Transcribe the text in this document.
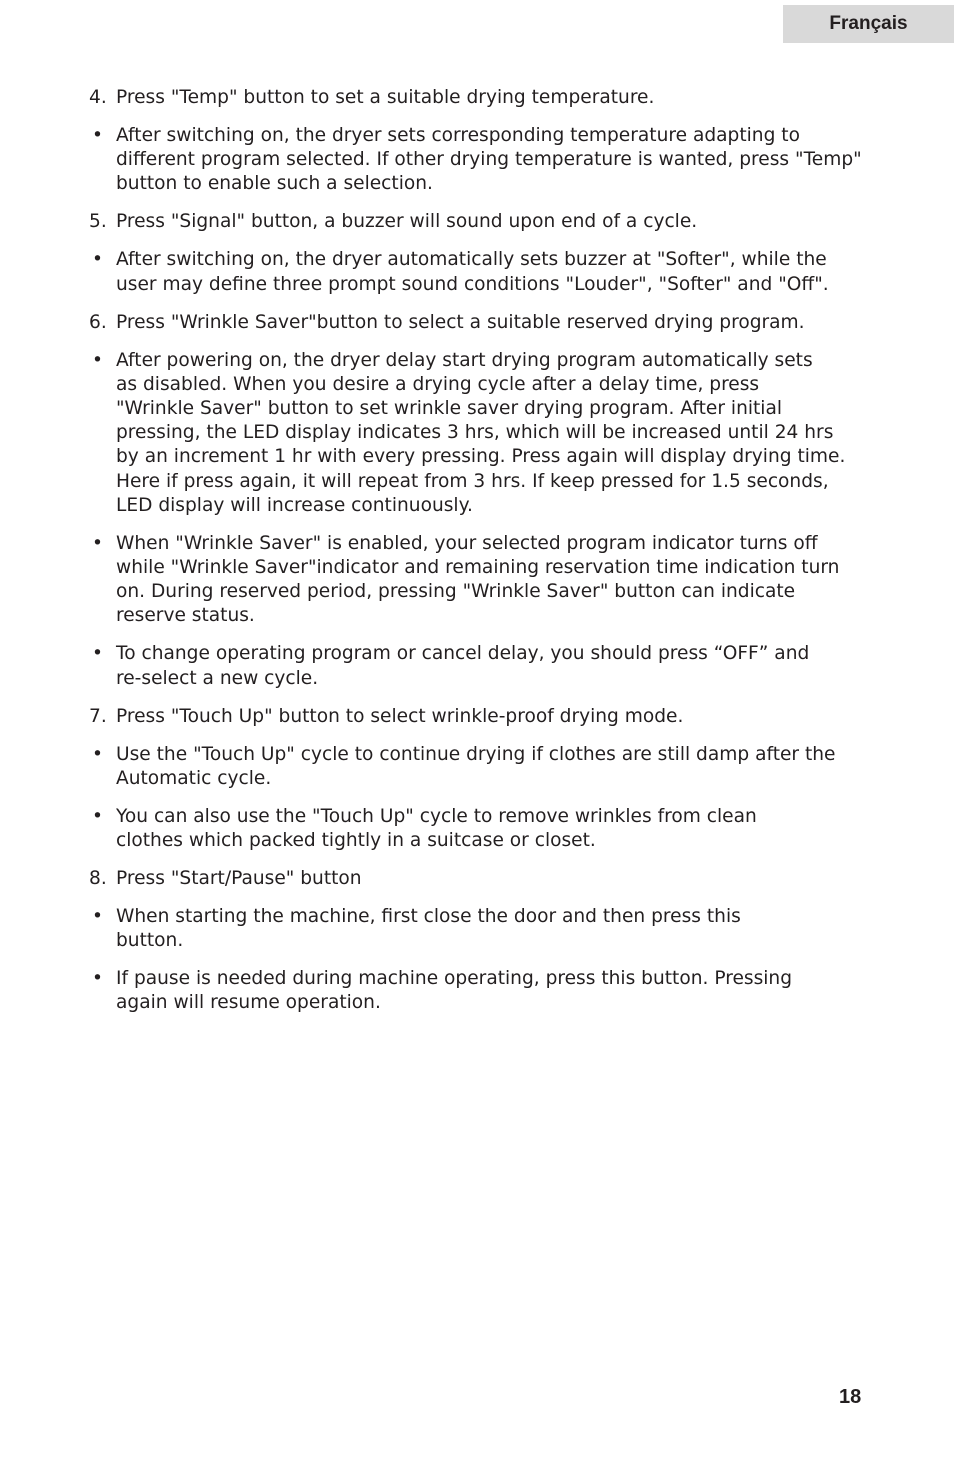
Français
4. Press "Temp" button to set a suitable drying temperature.
• After switching on, the dryer sets corresponding temperature adapting to
different program selected. If other drying temperature is wanted, press "Temp"
button to enable such a selection.
5. Press "Signal" button, a buzzer will sound upon end of a cycle.
• After switching on, the dryer automatically sets buzzer at "Softer", while the
user may define three prompt sound conditions "Louder", "Softer" and "Off".
6. Press "Wrinkle Saver"button to select a suitable reserved drying program.
• After powering on, the dryer delay start drying program automatically sets
as disabled. When you desire a drying cycle after a delay time, press
"Wrinkle Saver" button to set wrinkle saver drying program. After initial
pressing, the LED display indicates 3 hrs, which will be increased until 24 hrs
by an increment 1 hr with every pressing. Press again will display drying time.
Here if press again, it will repeat from 3 hrs. If keep pressed for 1.5 seconds,
LED display will increase continuously.
• When "Wrinkle Saver" is enabled, your selected program indicator turns off
while "Wrinkle Saver"indicator and remaining reservation time indication turn
on. During reserved period, pressing "Wrinkle Saver" button can indicate
reserve status.
• To change operating program or cancel delay, you should press “OFF” and
re-select a new cycle.
7. Press "Touch Up" button to select wrinkle-proof drying mode.
• Use the "Touch Up" cycle to continue drying if clothes are still damp after the
Automatic cycle.
• You can also use the "Touch Up" cycle to remove wrinkles from clean
clothes which packed tightly in a suitcase or closet.
8. Press "Start/Pause" button
• When starting the machine, first close the door and then press this
button.
• If pause is needed during machine operating, press this button. Pressing
again will resume operation.
18
